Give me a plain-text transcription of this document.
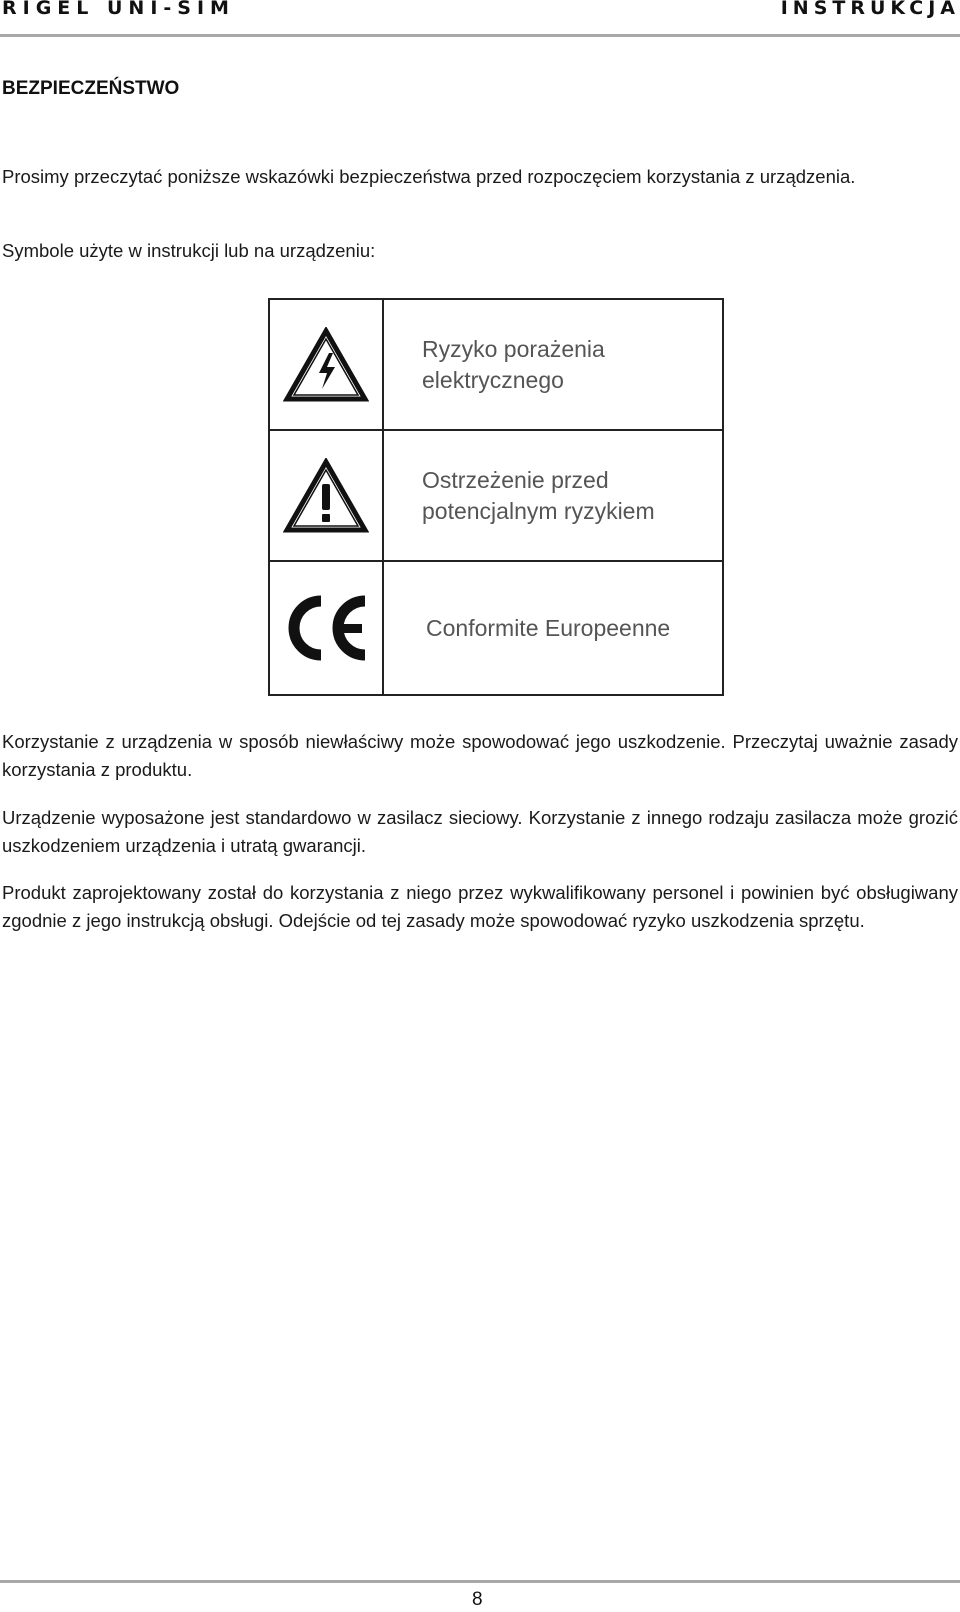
RIGEL UNI-SIM	INSTRUKCJA
BEZPIECZEŃSTWO
Prosimy przeczytać poniższe wskazówki bezpieczeństwa przed rozpoczęciem korzystania z urządzenia.
Symbole użyte w instrukcji lub na urządzeniu:
Ryzyko porażenia
elektrycznego
Ostrzeżenie przed
potencjalnym ryzykiem
Conformite Europeenne
Korzystanie z urządzenia w sposób niewłaściwy może spowodować jego uszkodzenie. Przeczytaj uważnie zasady korzystania z produktu.
Urządzenie wyposażone jest standardowo w zasilacz sieciowy. Korzystanie z innego rodzaju zasilacza może grozić uszkodzeniem urządzenia i utratą gwarancji.
Produkt zaprojektowany został do korzystania z niego przez wykwalifikowany personel i powinien być obsługiwany zgodnie z jego instrukcją obsługi. Odejście od tej zasady może spowodować ryzyko uszkodzenia sprzętu.
8
